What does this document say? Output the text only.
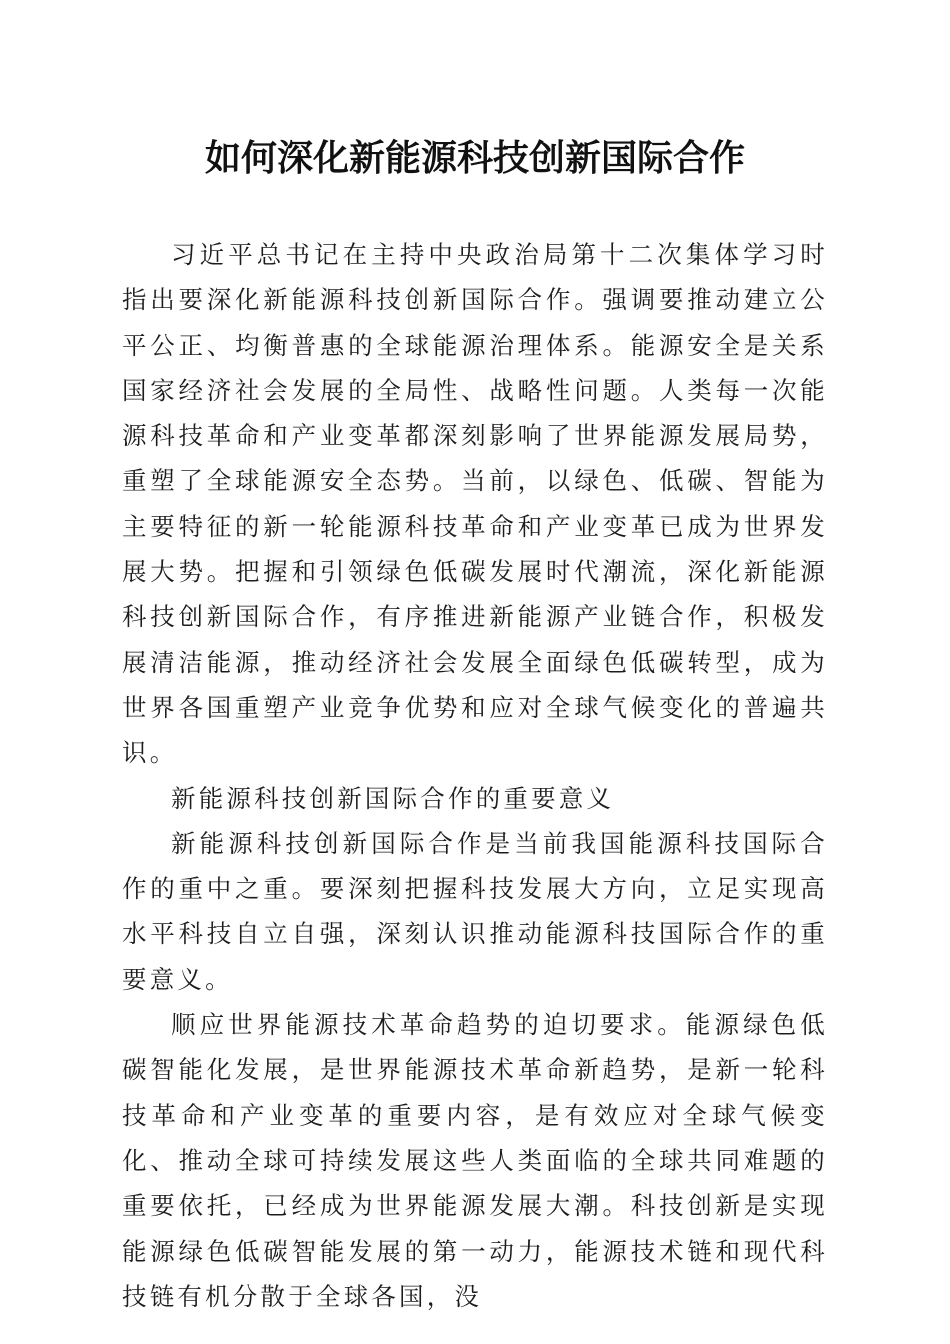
如何深化新能源科技创新国际合作

习近平总书记在主持中央政治局第十二次集体学习时指出要深化新能源科技创新国际合作。强调要推动建立公平公正、均衡普惠的全球能源治理体系。能源安全是关系国家经济社会发展的全局性、战略性问题。人类每一次能源科技革命和产业变革都深刻影响了世界能源发展局势，重塑了全球能源安全态势。当前，以绿色、低碳、智能为主要特征的新一轮能源科技革命和产业变革已成为世界发展大势。把握和引领绿色低碳发展时代潮流，深化新能源科技创新国际合作，有序推进新能源产业链合作，积极发展清洁能源，推动经济社会发展全面绿色低碳转型，成为世界各国重塑产业竞争优势和应对全球气候变化的普遍共识。

新能源科技创新国际合作的重要意义

新能源科技创新国际合作是当前我国能源科技国际合作的重中之重。要深刻把握科技发展大方向，立足实现高水平科技自立自强，深刻认识推动能源科技国际合作的重要意义。

顺应世界能源技术革命趋势的迫切要求。能源绿色低碳智能化发展，是世界能源技术革命新趋势，是新一轮科技革命和产业变革的重要内容，是有效应对全球气候变化、推动全球可持续发展这些人类面临的全球共同难题的重要依托，已经成为世界能源发展大潮。科技创新是实现能源绿色低碳智能发展的第一动力，能源技术链和现代科技链有机分散于全球各国，没
